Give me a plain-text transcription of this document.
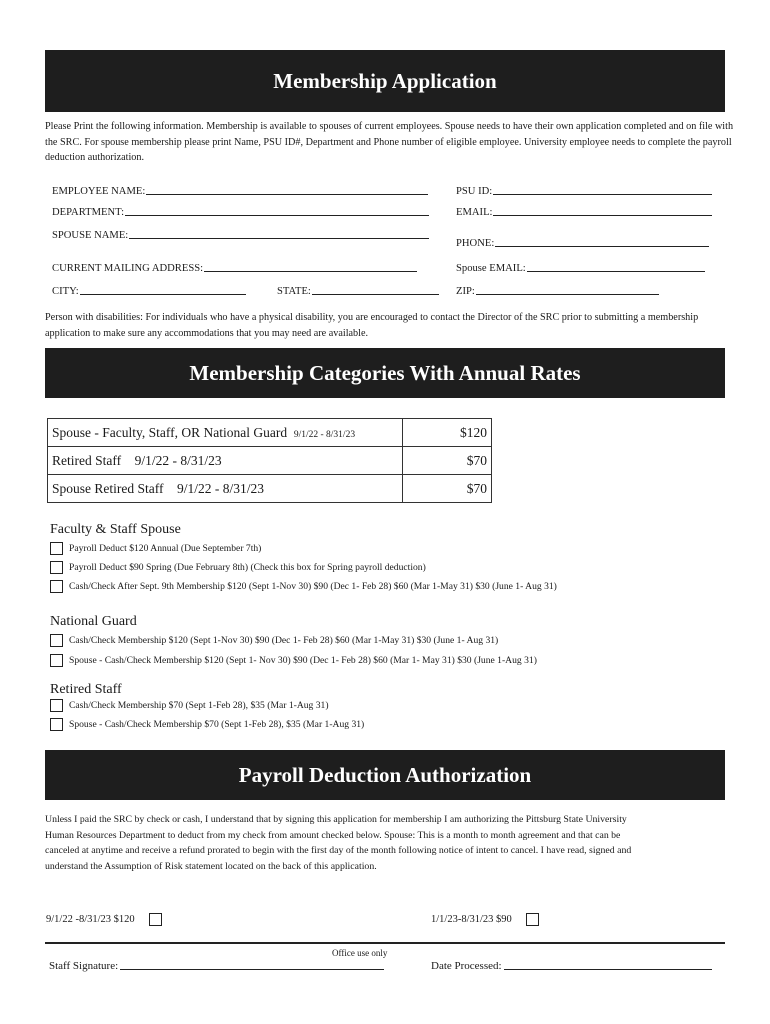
Membership Application
Please Print the following information. Membership is available to spouses of current employees. Spouse needs to have their own application completed and on file with the SRC. For spouse membership please print Name, PSU ID#, Department and Phone number of eligible employee. University employee needs to complete the payroll deduction authorization.
EMPLOYEE NAME:	PSU ID:
DEPARTMENT:	EMAIL:
SPOUSE NAME:
PHONE:
CURRENT MAILING ADDRESS:	Spouse EMAIL:
CITY:	STATE:	ZIP:
Person with disabilities: For individuals who have a physical disability, you are encouraged to contact the Director of the SRC prior to submitting a membership application to make sure any accommodations that you may need are available.
Membership Categories With Annual Rates
Spouse - Faculty, Staff, OR National Guard 9/1/22 - 8/31/23	$120
Retired Staff 9/1/22 - 8/31/23	$70
Spouse Retired Staff 9/1/22 - 8/31/23	$70
Faculty & Staff Spouse
Payroll Deduct $120 Annual (Due September 7th)
Payroll Deduct $90 Spring (Due February 8th) (Check this box for Spring payroll deduction)
Cash/Check After Sept. 9th Membership $120 (Sept 1-Nov 30) $90 (Dec 1- Feb 28) $60 (Mar 1-May 31) $30 (June 1- Aug 31)
National Guard
Cash/Check Membership $120 (Sept 1-Nov 30) $90 (Dec 1- Feb 28) $60 (Mar 1-May 31) $30 (June 1- Aug 31)
Spouse - Cash/Check Membership $120 (Sept 1- Nov 30) $90 (Dec 1- Feb 28) $60 (Mar 1- May 31) $30 (June 1-Aug 31)
Retired Staff
Cash/Check Membership $70 (Sept 1-Feb 28), $35 (Mar 1-Aug 31)
Spouse - Cash/Check Membership $70 (Sept 1-Feb 28), $35 (Mar 1-Aug 31)
Payroll Deduction Authorization
Unless I paid the SRC by check or cash, I understand that by signing this application for membership I am authorizing the Pittsburg State University Human Resources Department to deduct from my check from amount checked below. Spouse: This is a month to month agreement and that can be canceled at anytime and receive a refund prorated to begin with the first day of the month following notice of intent to cancel. I have read, signed and understand the Assumption of Risk statement located on the back of this application.
9/1/22 -8/31/23 $120	1/1/23-8/31/23 $90
Office use only
Staff Signature:	Date Processed:
